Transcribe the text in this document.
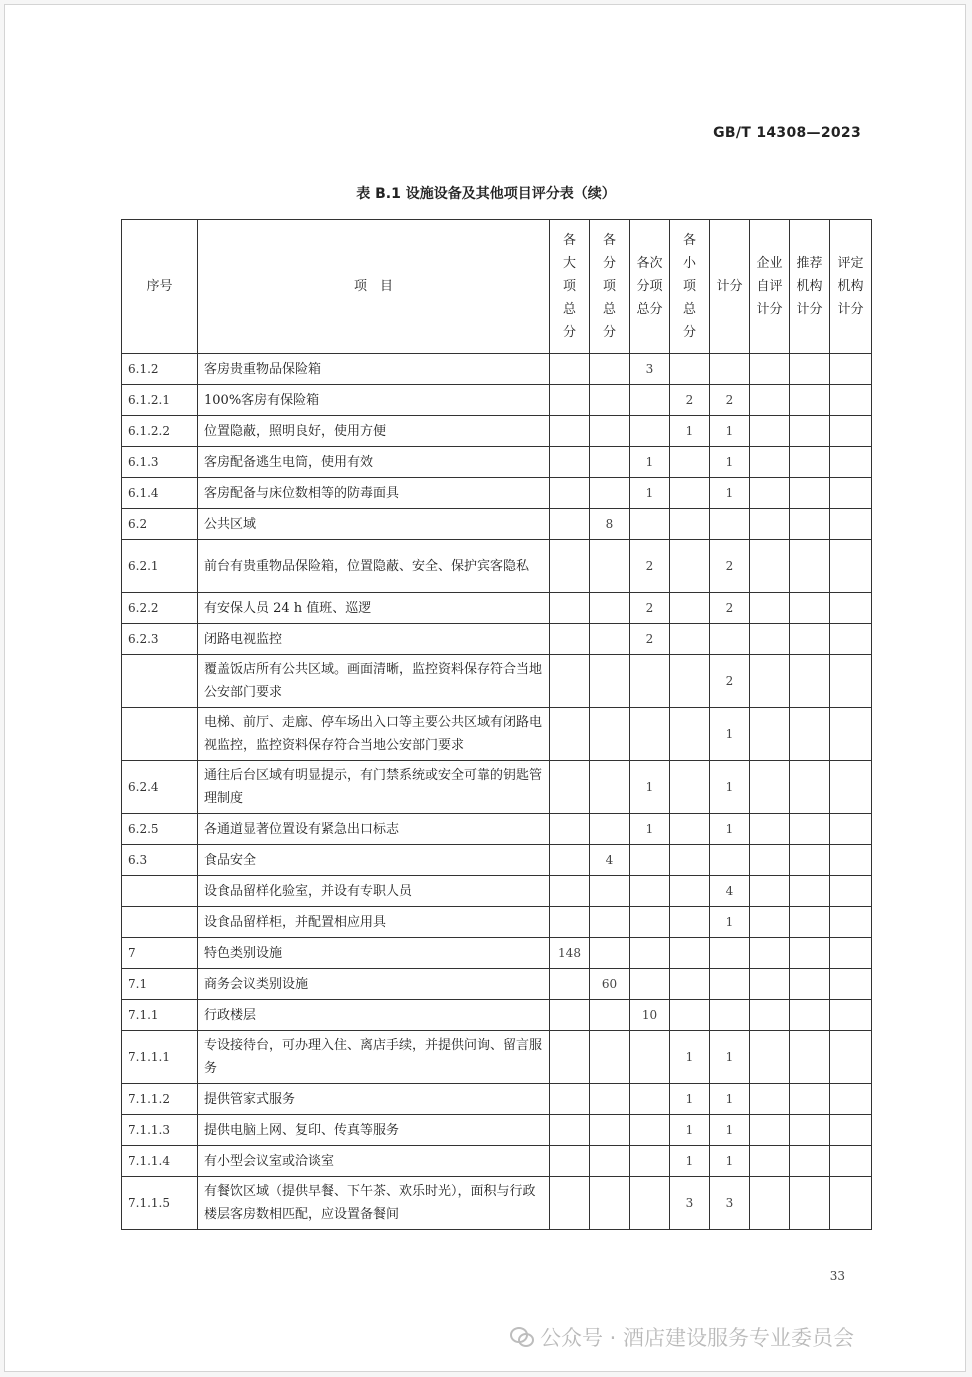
GB/T 14308—2023
表 B.1 设施设备及其他项目评分表（续）
序号	项　目	各大项总分	各分项总分	各次分项总分	各小项总分	计分	企业自评计分	推荐机构计分	评定机构计分

6.1.2	客房贵重物品保险箱			3					
6.1.2.1	100%客房有保险箱				2	2			
6.1.2.2	位置隐蔽，照明良好，使用方便				1	1			
6.1.3	客房配备逃生电筒，使用有效			1		1			
6.1.4	客房配备与床位数相等的防毒面具			1		1			
6.2	公共区域		8						
6.2.1	前台有贵重物品保险箱，位置隐蔽、安全、保护宾客隐私			2		2			
6.2.2	有安保人员 24 h 值班、巡逻			2		2			
6.2.3	闭路电视监控			2					
	覆盖饭店所有公共区域。画面清晰，监控资料保存符合当地公安部门要求					2			
	电梯、前厅、走廊、停车场出入口等主要公共区域有闭路电视监控，监控资料保存符合当地公安部门要求					1			
6.2.4	通往后台区域有明显提示，有门禁系统或安全可靠的钥匙管理制度			1		1			
6.2.5	各通道显著位置设有紧急出口标志			1		1			
6.3	食品安全		4						
	设食品留样化验室，并设有专职人员					4			
	设食品留样柜，并配置相应用具					1			
7	特色类别设施	148							
7.1	商务会议类别设施		60						
7.1.1	行政楼层			10					
7.1.1.1	专设接待台，可办理入住、离店手续，并提供问询、留言服务				1	1			
7.1.1.2	提供管家式服务				1	1			
7.1.1.3	提供电脑上网、复印、传真等服务				1	1			
7.1.1.4	有小型会议室或洽谈室				1	1			
7.1.1.5	有餐饮区域（提供早餐、下午茶、欢乐时光），面积与行政楼层客房数相匹配，应设置备餐间				3	3			
33
公众号 · 酒店建设服务专业委员会
